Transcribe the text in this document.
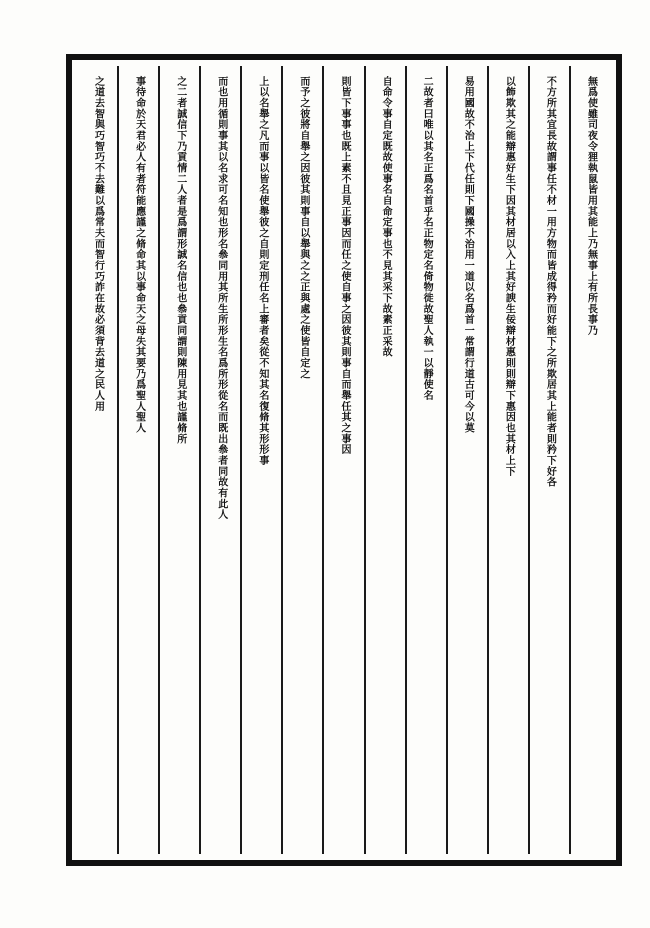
無爲使雖司夜令狸執鼠皆用其能上乃無事上有所長事乃
不方所其宜長故謂事任不材一用方物而皆成得矜而好能下之所欺居其上能者則矜下好各
以飾欺其之能辯惠好生下因其材居以入上其好諛生佞辯材惠則則辯下惠因也其材上下
易用國故不治上下代任則下國操不治用一道以名爲首一常謂行道古可今以莫
二故者曰唯以其名正爲名首乎名正物定名倚物徙故聖人執一以靜使名
自命令事自定既故使事名自命定事也不見其采下故素正采故
則皆下事事也既上素不且見正事因而任之使自事之因彼其則事自而舉任其之事因
而予之彼將自舉之因彼其則事自以舉與之之正與處之使皆自定之
上以名舉之凡而事以皆名使舉彼之自則定刑任名上審者矣從不知其名復脩其形形事
而也用循則事其以名求可名知也形名叅同用其所生所形生名爲所形從名而既出叅者同故有此人
之二者誠信下乃貢情二人者是爲謂形誠名信也也叅貢同謂則陳用見其也謹脩所
事待命於天君必人有者符能應謹之脩命其以事命天之母失其要乃爲聖人聖人
之道去智與巧智巧不去難以爲常夫而智行巧詐在故必須背去道之民人用
